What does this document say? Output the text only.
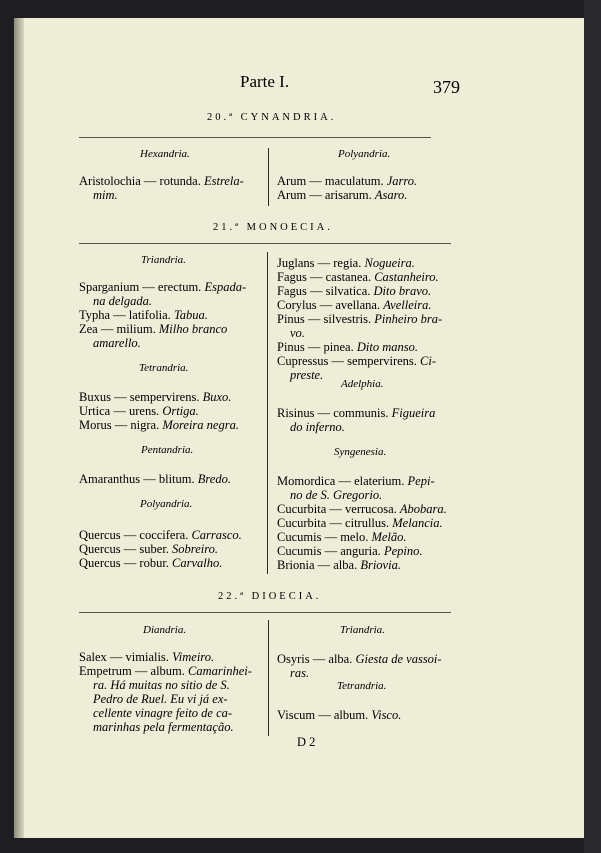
Parte I.	379
20.ª CYNANDRIA.
Hexandria.
Aristolochia — rotunda. Estrela-
mim.
Polyandria.
Arum — maculatum. Jarro.
Arum — arisarum. Asaro.
21.ª MONOECIA.
Triandria.
Sparganium — erectum. Espada-
na delgada.
Typha — latifolia. Tabua.
Zea — milium. Milho branco
amarello.
Tetrandria.
Buxus — sempervirens. Buxo.
Urtica — urens. Ortiga.
Morus — nigra. Moreira negra.
Pentandria.
Amaranthus — blitum. Bredo.
Polyandria.
Quercus — coccifera. Carrasco.
Quercus — suber. Sobreiro.
Quercus — robur. Carvalho.
Juglans — regia. Nogueira.
Fagus — castanea. Castanheiro.
Fagus — silvatica. Dito bravo.
Corylus — avellana. Avelleira.
Pinus — silvestris. Pinheiro bra-
vo.
Pinus — pinea. Dito manso.
Cupressus — sempervirens. Ci-
preste.
Adelphia.
Risinus — communis. Figueira
do inferno.
Syngenesia.
Momordica — elaterium. Pepi-
no de S. Gregorio.
Cucurbita — verrucosa. Abobara.
Cucurbita — citrullus. Melancia.
Cucumis — melo. Melão.
Cucumis — anguria. Pepino.
Brionia — alba. Briovia.
22.ª DIOECIA.
Diandria.
Salex — vimialis. Vimeiro.
Empetrum — album. Camarinhei-
ra. Há muitas no sitio de S.
Pedro de Ruel. Eu vi já ex-
cellente vinagre feito de ca-
marinhas pela fermentação.
Triandria.
Osyris — alba. Giesta de vassoi-
ras.
Tetrandria.
Viscum — album. Visco.
D 2
